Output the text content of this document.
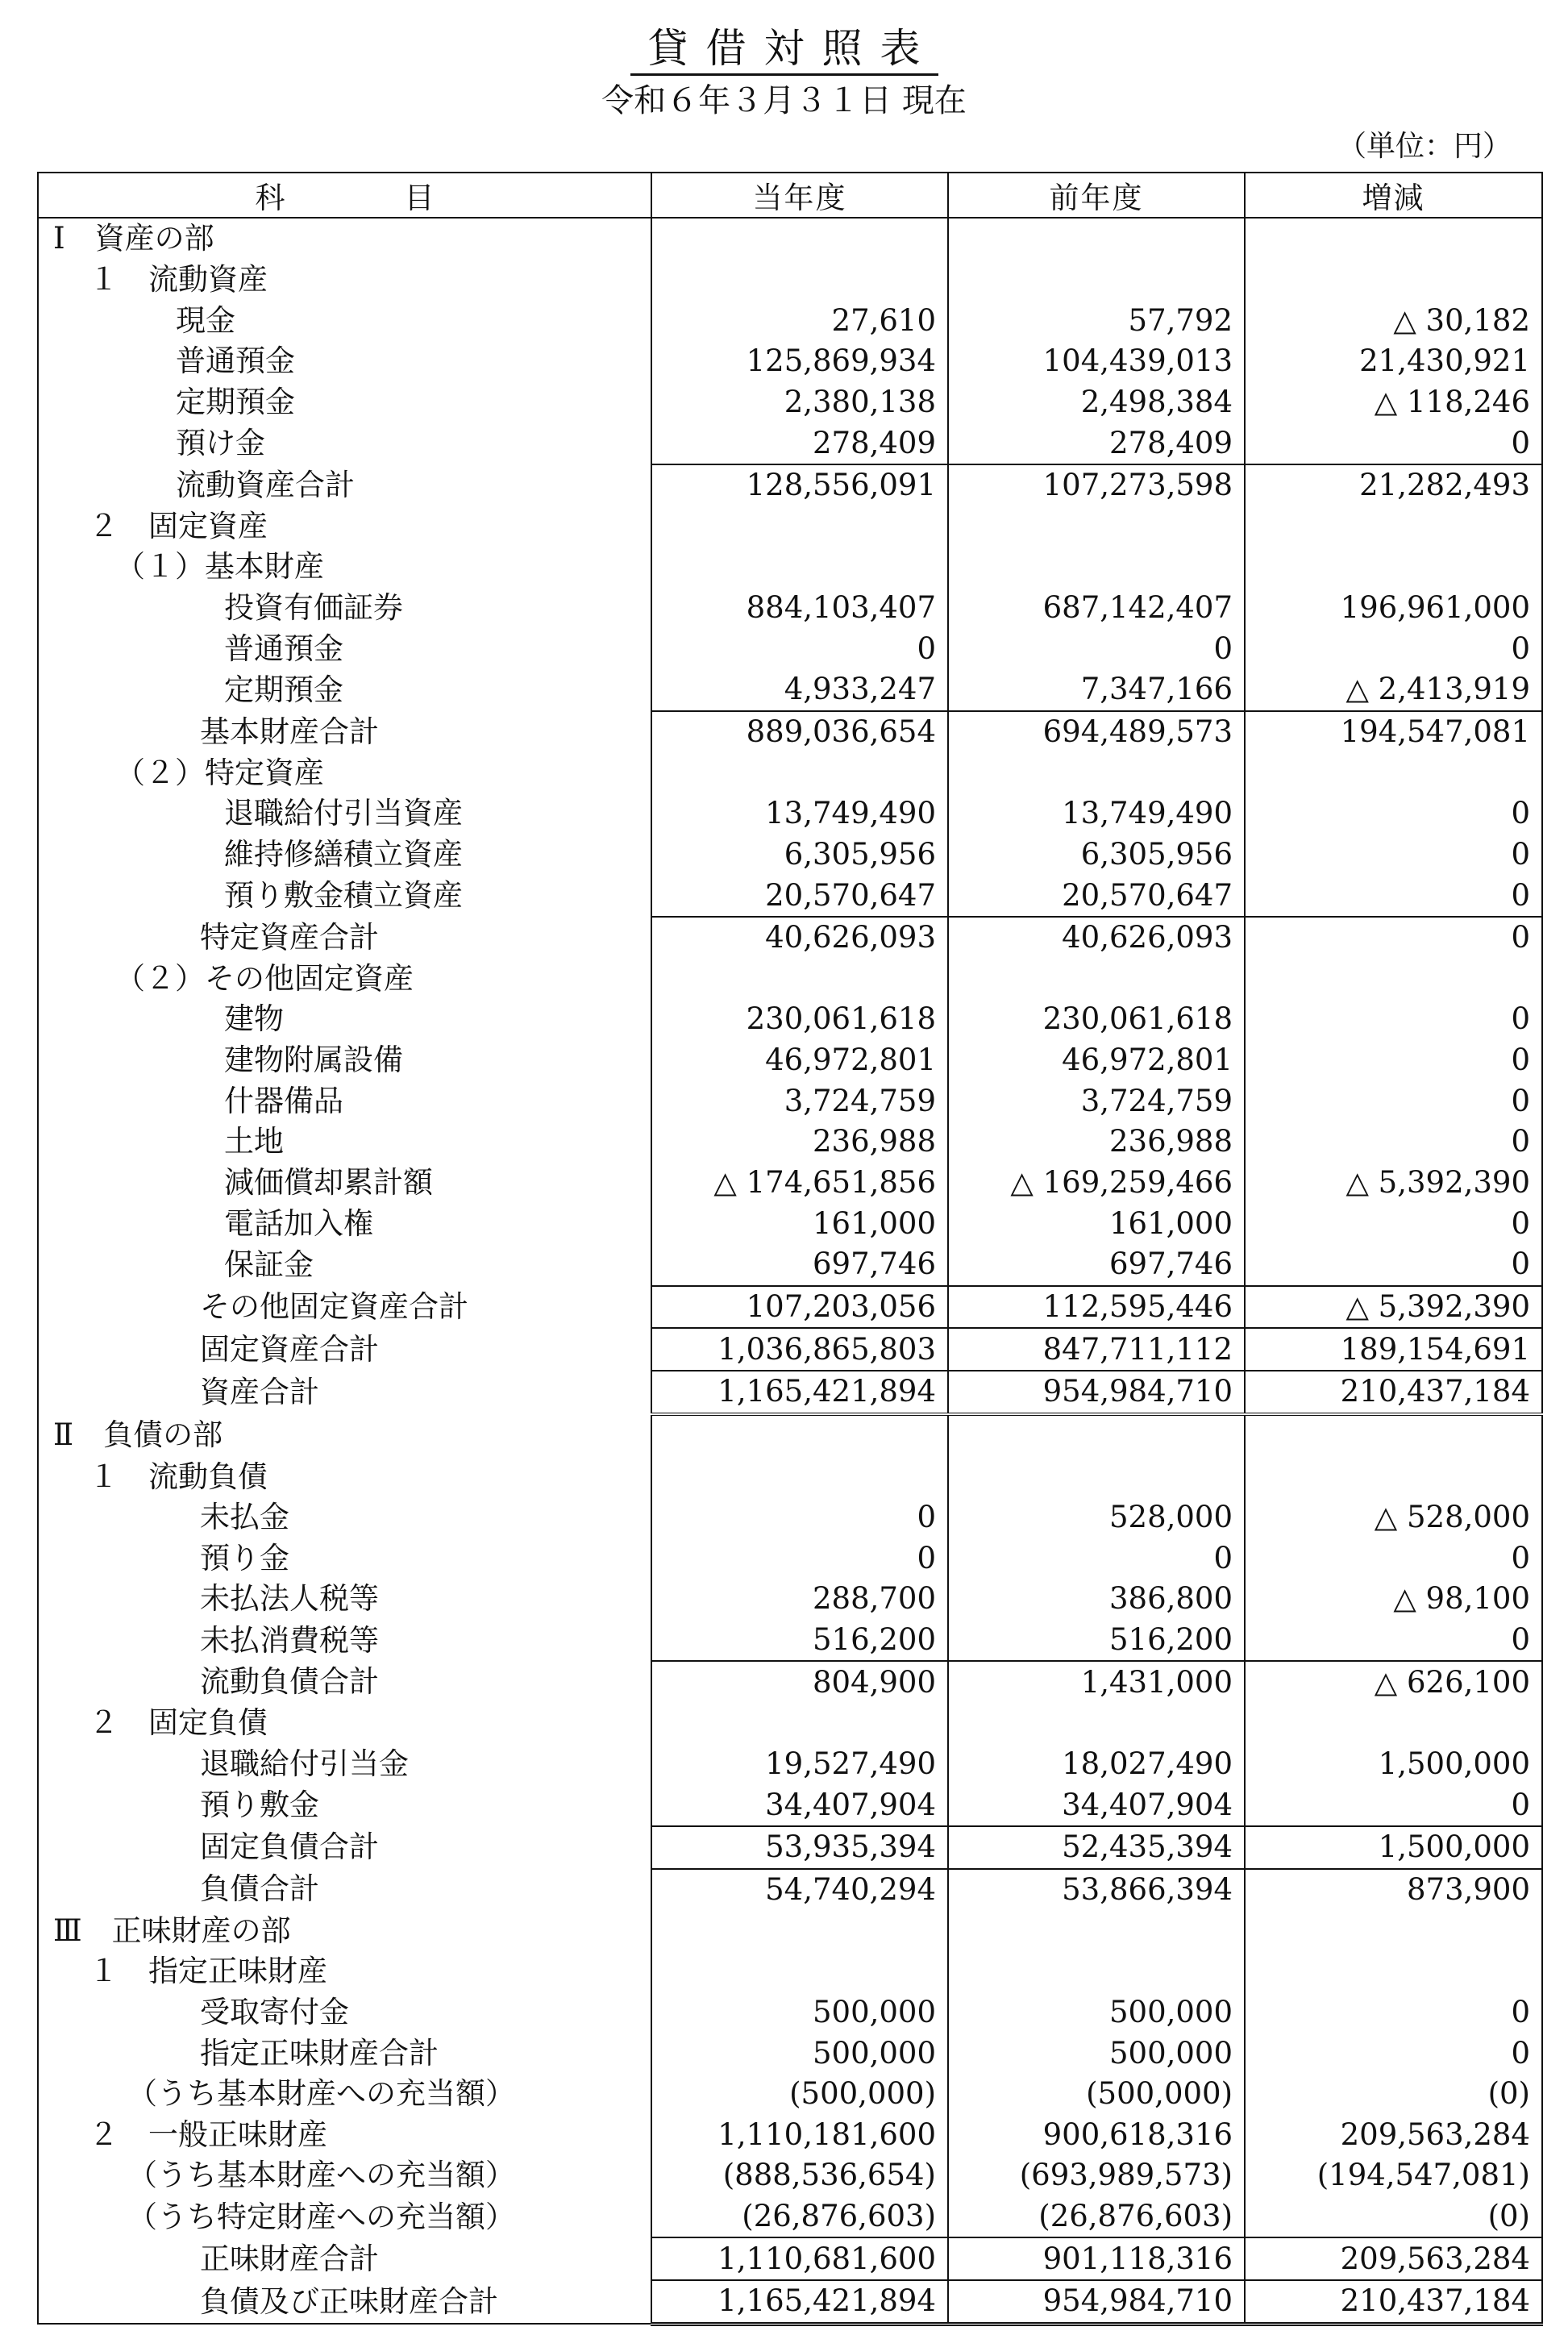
貸借対照表
令和６年３月３１日 現在
（単位：円）
科　　　　目	当年度	前年度	増減
Ⅰ　資産の部			
１　流動資産			
現金	27,610	57,792	△ 30,182
普通預金	125,869,934	104,439,013	21,430,921
定期預金	2,380,138	2,498,384	△ 118,246
預け金	278,409	278,409	0
流動資産合計	128,556,091	107,273,598	21,282,493
２　固定資産			
（１）基本財産			
投資有価証券	884,103,407	687,142,407	196,961,000
普通預金	0	0	0
定期預金	4,933,247	7,347,166	△ 2,413,919
基本財産合計	889,036,654	694,489,573	194,547,081
（２）特定資産			
退職給付引当資産	13,749,490	13,749,490	0
維持修繕積立資産	6,305,956	6,305,956	0
預り敷金積立資産	20,570,647	20,570,647	0
特定資産合計	40,626,093	40,626,093	0
（２）その他固定資産			
建物	230,061,618	230,061,618	0
建物附属設備	46,972,801	46,972,801	0
什器備品	3,724,759	3,724,759	0
土地	236,988	236,988	0
減価償却累計額	△ 174,651,856	△ 169,259,466	△ 5,392,390
電話加入権	161,000	161,000	0
保証金	697,746	697,746	0
その他固定資産合計	107,203,056	112,595,446	△ 5,392,390
固定資産合計	1,036,865,803	847,711,112	189,154,691
資産合計	1,165,421,894	954,984,710	210,437,184
Ⅱ　負債の部			
１　流動負債			
未払金	0	528,000	△ 528,000
預り金	0	0	0
未払法人税等	288,700	386,800	△ 98,100
未払消費税等	516,200	516,200	0
流動負債合計	804,900	1,431,000	△ 626,100
２　固定負債			
退職給付引当金	19,527,490	18,027,490	1,500,000
預り敷金	34,407,904	34,407,904	0
固定負債合計	53,935,394	52,435,394	1,500,000
負債合計	54,740,294	53,866,394	873,900
Ⅲ　正味財産の部			
１　指定正味財産			
受取寄付金	500,000	500,000	0
指定正味財産合計	500,000	500,000	0
（うち基本財産への充当額）	(500,000)	(500,000)	(0)
２　一般正味財産	1,110,181,600	900,618,316	209,563,284
（うち基本財産への充当額）	(888,536,654)	(693,989,573)	(194,547,081)
（うち特定財産への充当額）	(26,876,603)	(26,876,603)	(0)
正味財産合計	1,110,681,600	901,118,316	209,563,284
負債及び正味財産合計	1,165,421,894	954,984,710	210,437,184
